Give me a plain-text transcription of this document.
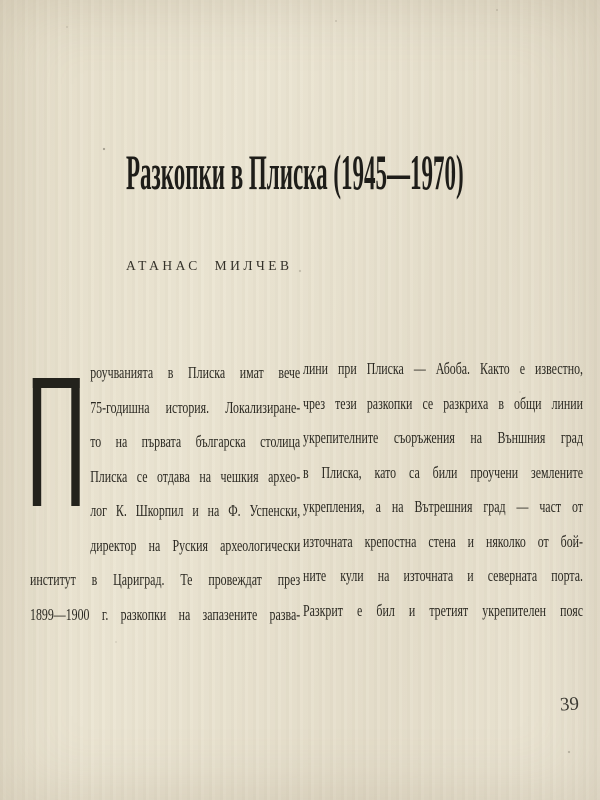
Разкопки в Плиска (1945—1970)
АТАНАС МИЛЧЕВ
роучванията в Плиска имат вече
75-годишна история. Локализиране-
то на първата българска столица
Плиска се отдава на чешкия архео-
лог К. Шкорпил и на Ф. Успенски,
директор на Руския археологически
институт в Цариград. Те провеждат през
1899—1900 г. разкопки на запазените разва-
лини при Плиска — Абоба. Както е известно,
чрез тези разкопки се разкриха в общи линии
укрепителните съоръжения на Външния град
в Плиска, като са били проучени землените
укрепления, а на Вътрешния град — част от
източната крепостна стена и няколко от бой-
ните кули на източната и северната порта.
Разкрит е бил и третият укрепителен пояс
39
